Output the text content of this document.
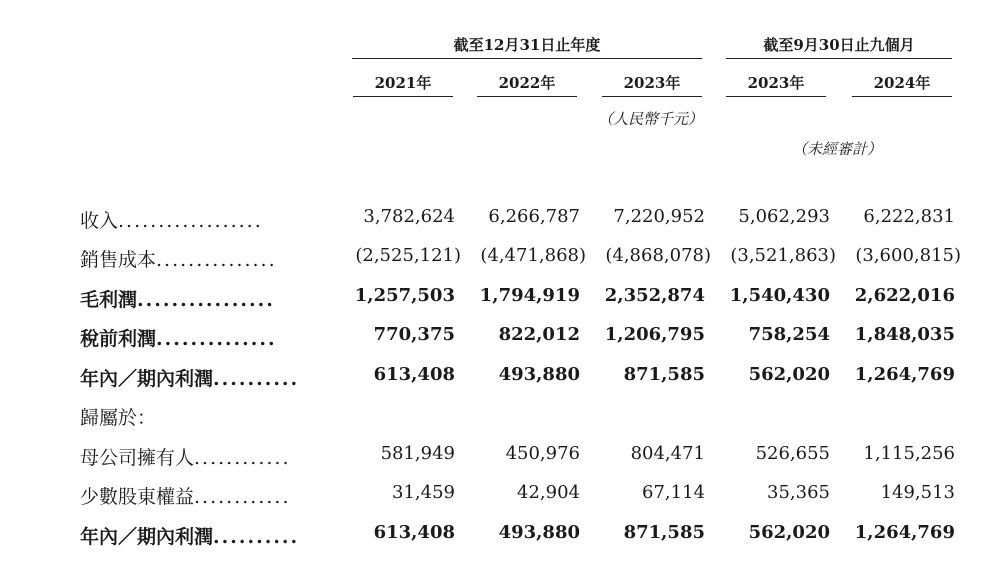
截至12月31日止年度	截至9月30日止九個月
2021年	2022年	2023年	2023年	2024年
（人民幣千元）
（未經審計）
收入..................	3,782,624 6,266,787 7,220,952 5,062,293 6,222,831
銷售成本...............	(2,525,121) (4,471,868) (4,868,078) (3,521,863) (3,600,815)
毛利潤................	1,257,503 1,794,919 2,352,874 1,540,430 2,622,016
稅前利潤..............	770,375 822,012 1,206,795 758,254 1,848,035
年內／期內利潤..........	613,408 493,880 871,585 562,020 1,264,769
歸屬於：
母公司擁有人............	581,949	450,976	804,471	526,655 1,115,256
少數股東權益............	31,459	42,904	67,114	35,365	149,513
年內／期內利潤..........	613,408 493,880 871,585 562,020 1,264,769
